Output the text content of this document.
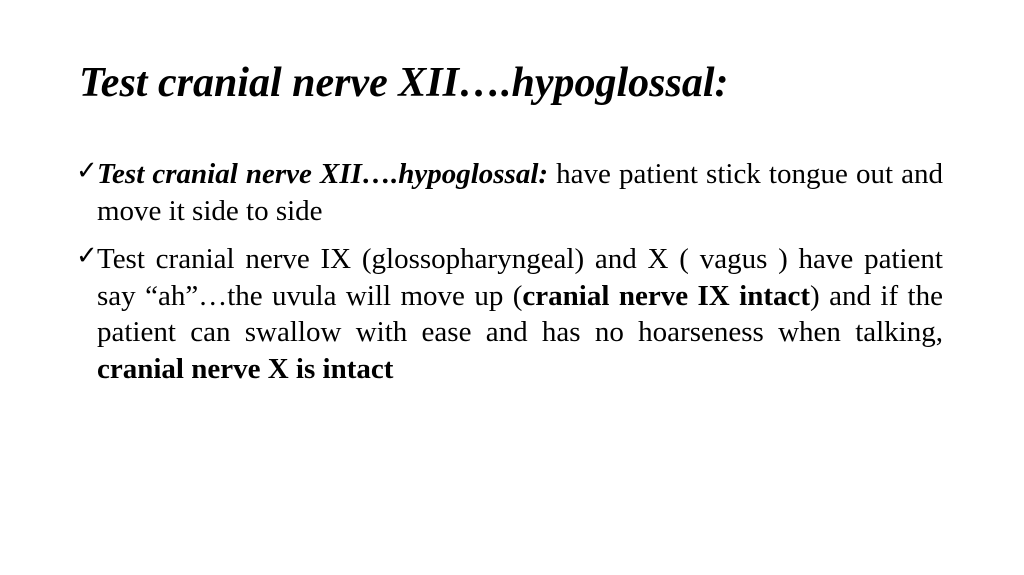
Test cranial nerve XII….hypoglossal:
✓ Test cranial nerve XII….hypoglossal: have patient stick tongue out and move it side to side
✓ Test cranial nerve IX (glossopharyngeal) and X ( vagus ) have patient say “ah”…the uvula will move up (cranial nerve IX intact) and if the patient can swallow with ease and has no hoarseness when talking, cranial nerve X is intact
